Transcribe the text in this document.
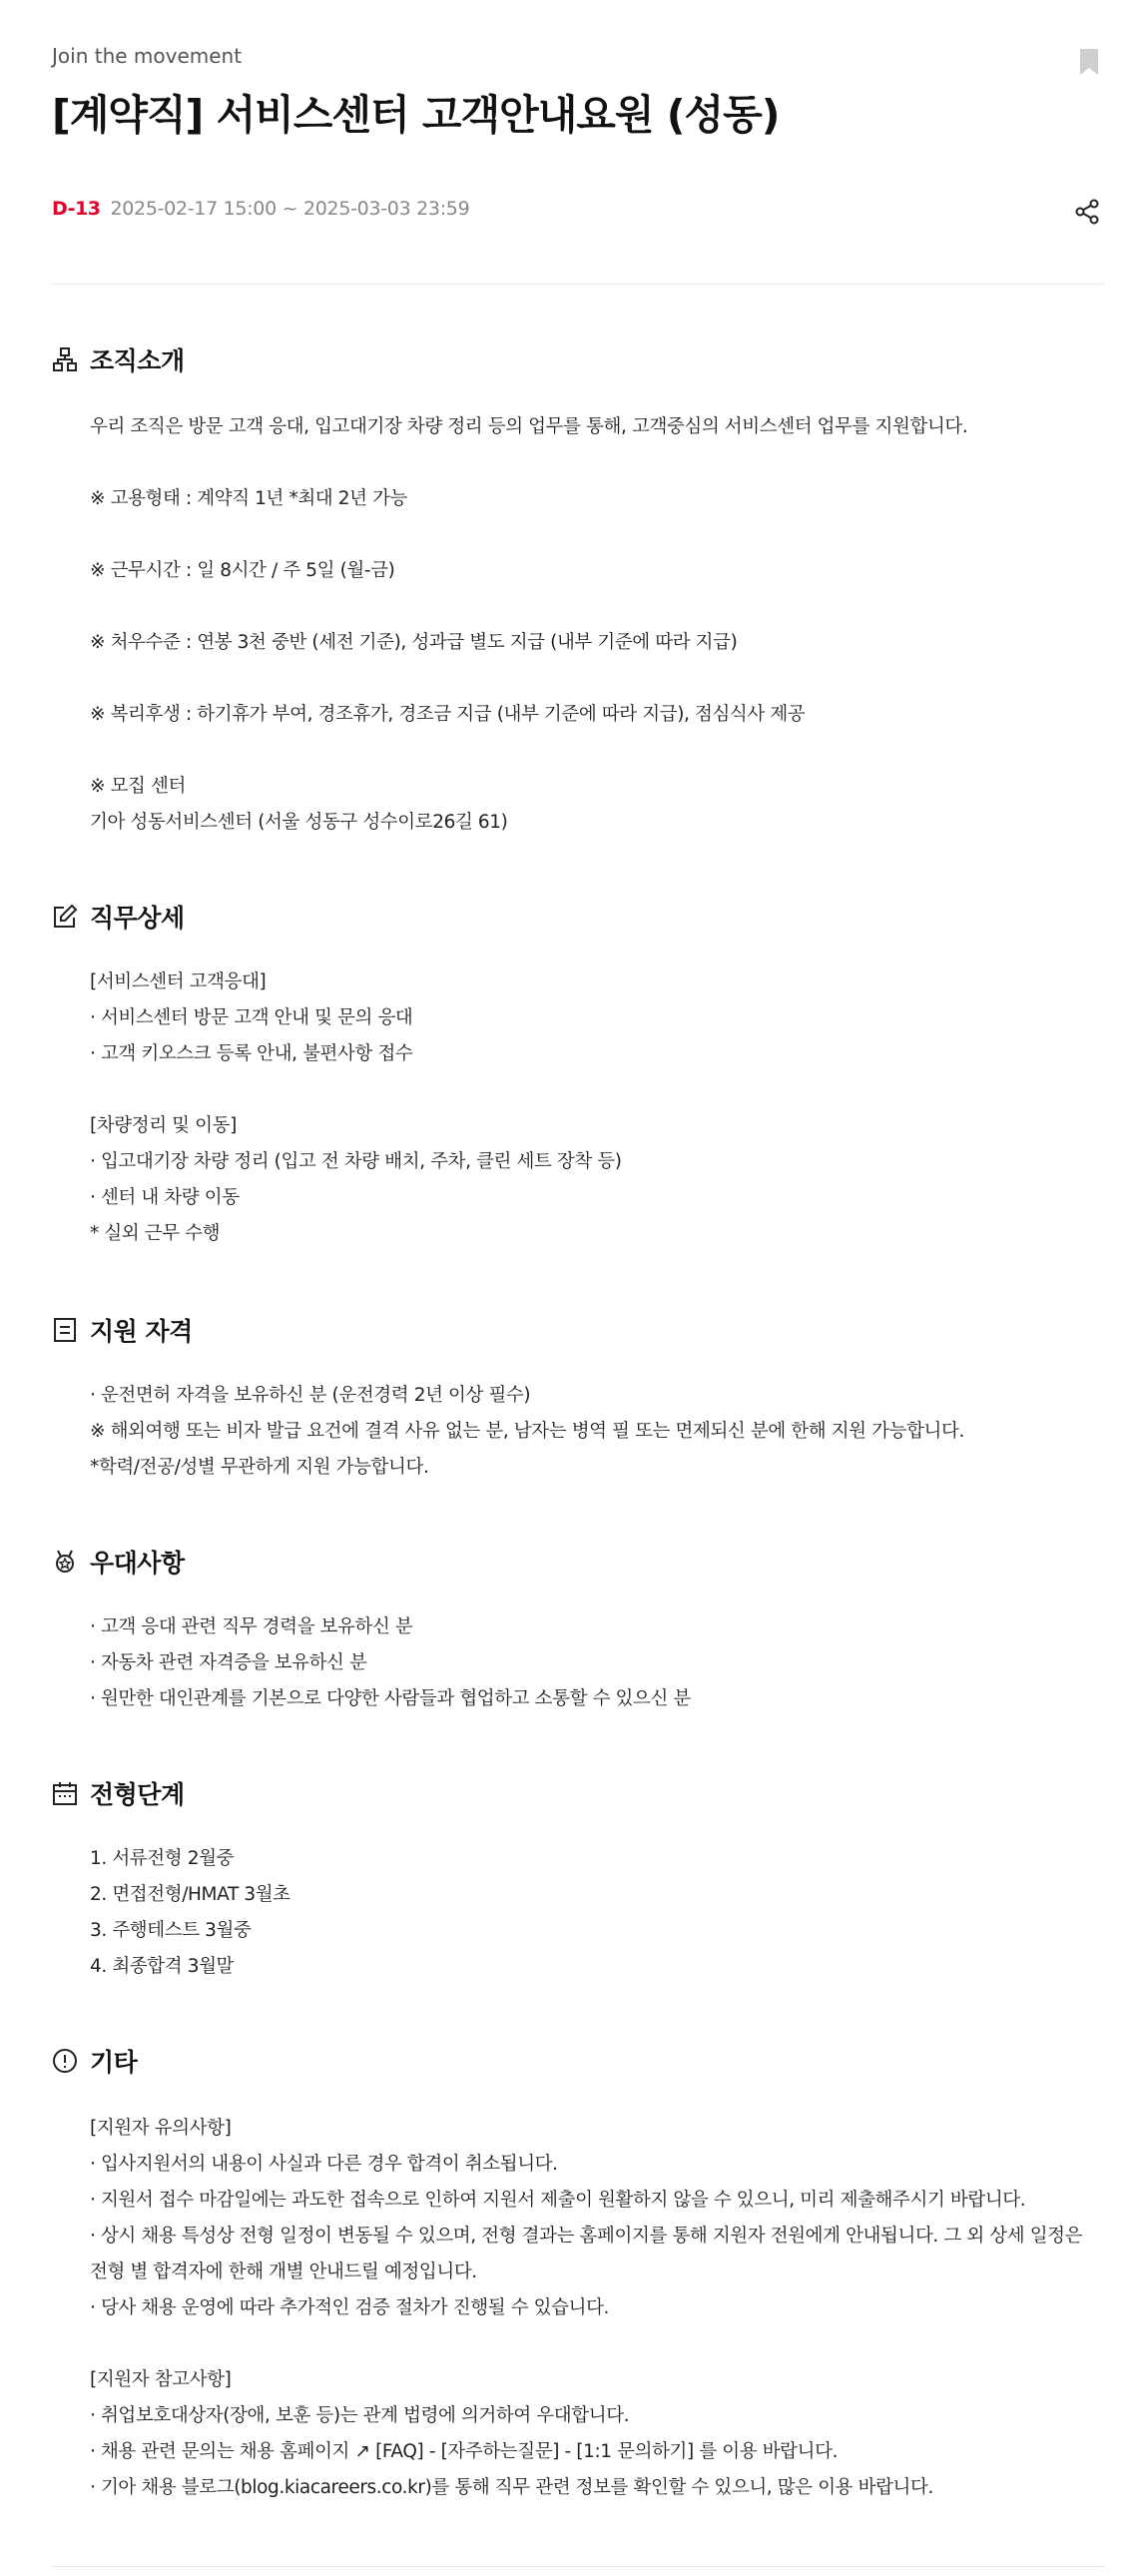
Join the movement
[계약직] 서비스센터 고객안내요원 (성동)
D-13 2025-02-17 15:00 ~ 2025-03-03 23:59
조직소개

우리 조직은 방문 고객 응대, 입고대기장 차량 정리 등의 업무를 통해, 고객중심의 서비스센터 업무를 지원합니다.

※ 고용형태 : 계약직 1년 *최대 2년 가능

※ 근무시간 : 일 8시간 / 주 5일 (월-금)

※ 처우수준 : 연봉 3천 중반 (세전 기준), 성과급 별도 지급 (내부 기준에 따라 지급)

※ 복리후생 : 하기휴가 부여, 경조휴가, 경조금 지급 (내부 기준에 따라 지급), 점심식사 제공

※ 모집 센터

기아 성동서비스센터 (서울 성동구 성수이로26길 61)

직무상세

[서비스센터 고객응대]

· 서비스센터 방문 고객 안내 및 문의 응대

· 고객 키오스크 등록 안내, 불편사항 접수

[차량정리 및 이동]

· 입고대기장 차량 정리 (입고 전 차량 배치, 주차, 클린 세트 장착 등)

· 센터 내 차량 이동

* 실외 근무 수행

지원 자격

· 운전면허 자격을 보유하신 분 (운전경력 2년 이상 필수)

※ 해외여행 또는 비자 발급 요건에 결격 사유 없는 분, 남자는 병역 필 또는 면제되신 분에 한해 지원 가능합니다.

*학력/전공/성별 무관하게 지원 가능합니다.

우대사항

· 고객 응대 관련 직무 경력을 보유하신 분

· 자동차 관련 자격증을 보유하신 분

· 원만한 대인관계를 기본으로 다양한 사람들과 협업하고 소통할 수 있으신 분

전형단계

1. 서류전형 2월중

2. 면접전형/HMAT 3월초

3. 주행테스트 3월중

4. 최종합격 3월말

기타

[지원자 유의사항]

· 입사지원서의 내용이 사실과 다른 경우 합격이 취소됩니다.

· 지원서 접수 마감일에는 과도한 접속으로 인하여 지원서 제출이 원활하지 않을 수 있으니, 미리 제출해주시기 바랍니다.

· 상시 채용 특성상 전형 일정이 변동될 수 있으며, 전형 결과는 홈페이지를 통해 지원자 전원에게 안내됩니다. 그 외 상세 일정은

전형 별 합격자에 한해 개별 안내드릴 예정입니다.

· 당사 채용 운영에 따라 추가적인 검증 절차가 진행될 수 있습니다.

[지원자 참고사항]

· 취업보호대상자(장애, 보훈 등)는 관계 법령에 의거하여 우대합니다.

· 채용 관련 문의는 채용 홈페이지 ↗ [FAQ] - [자주하는질문] - [1:1 문의하기] 를 이용 바랍니다.

· 기아 채용 블로그(blog.kiacareers.co.kr)를 통해 직무 관련 정보를 확인할 수 있으니, 많은 이용 바랍니다.
